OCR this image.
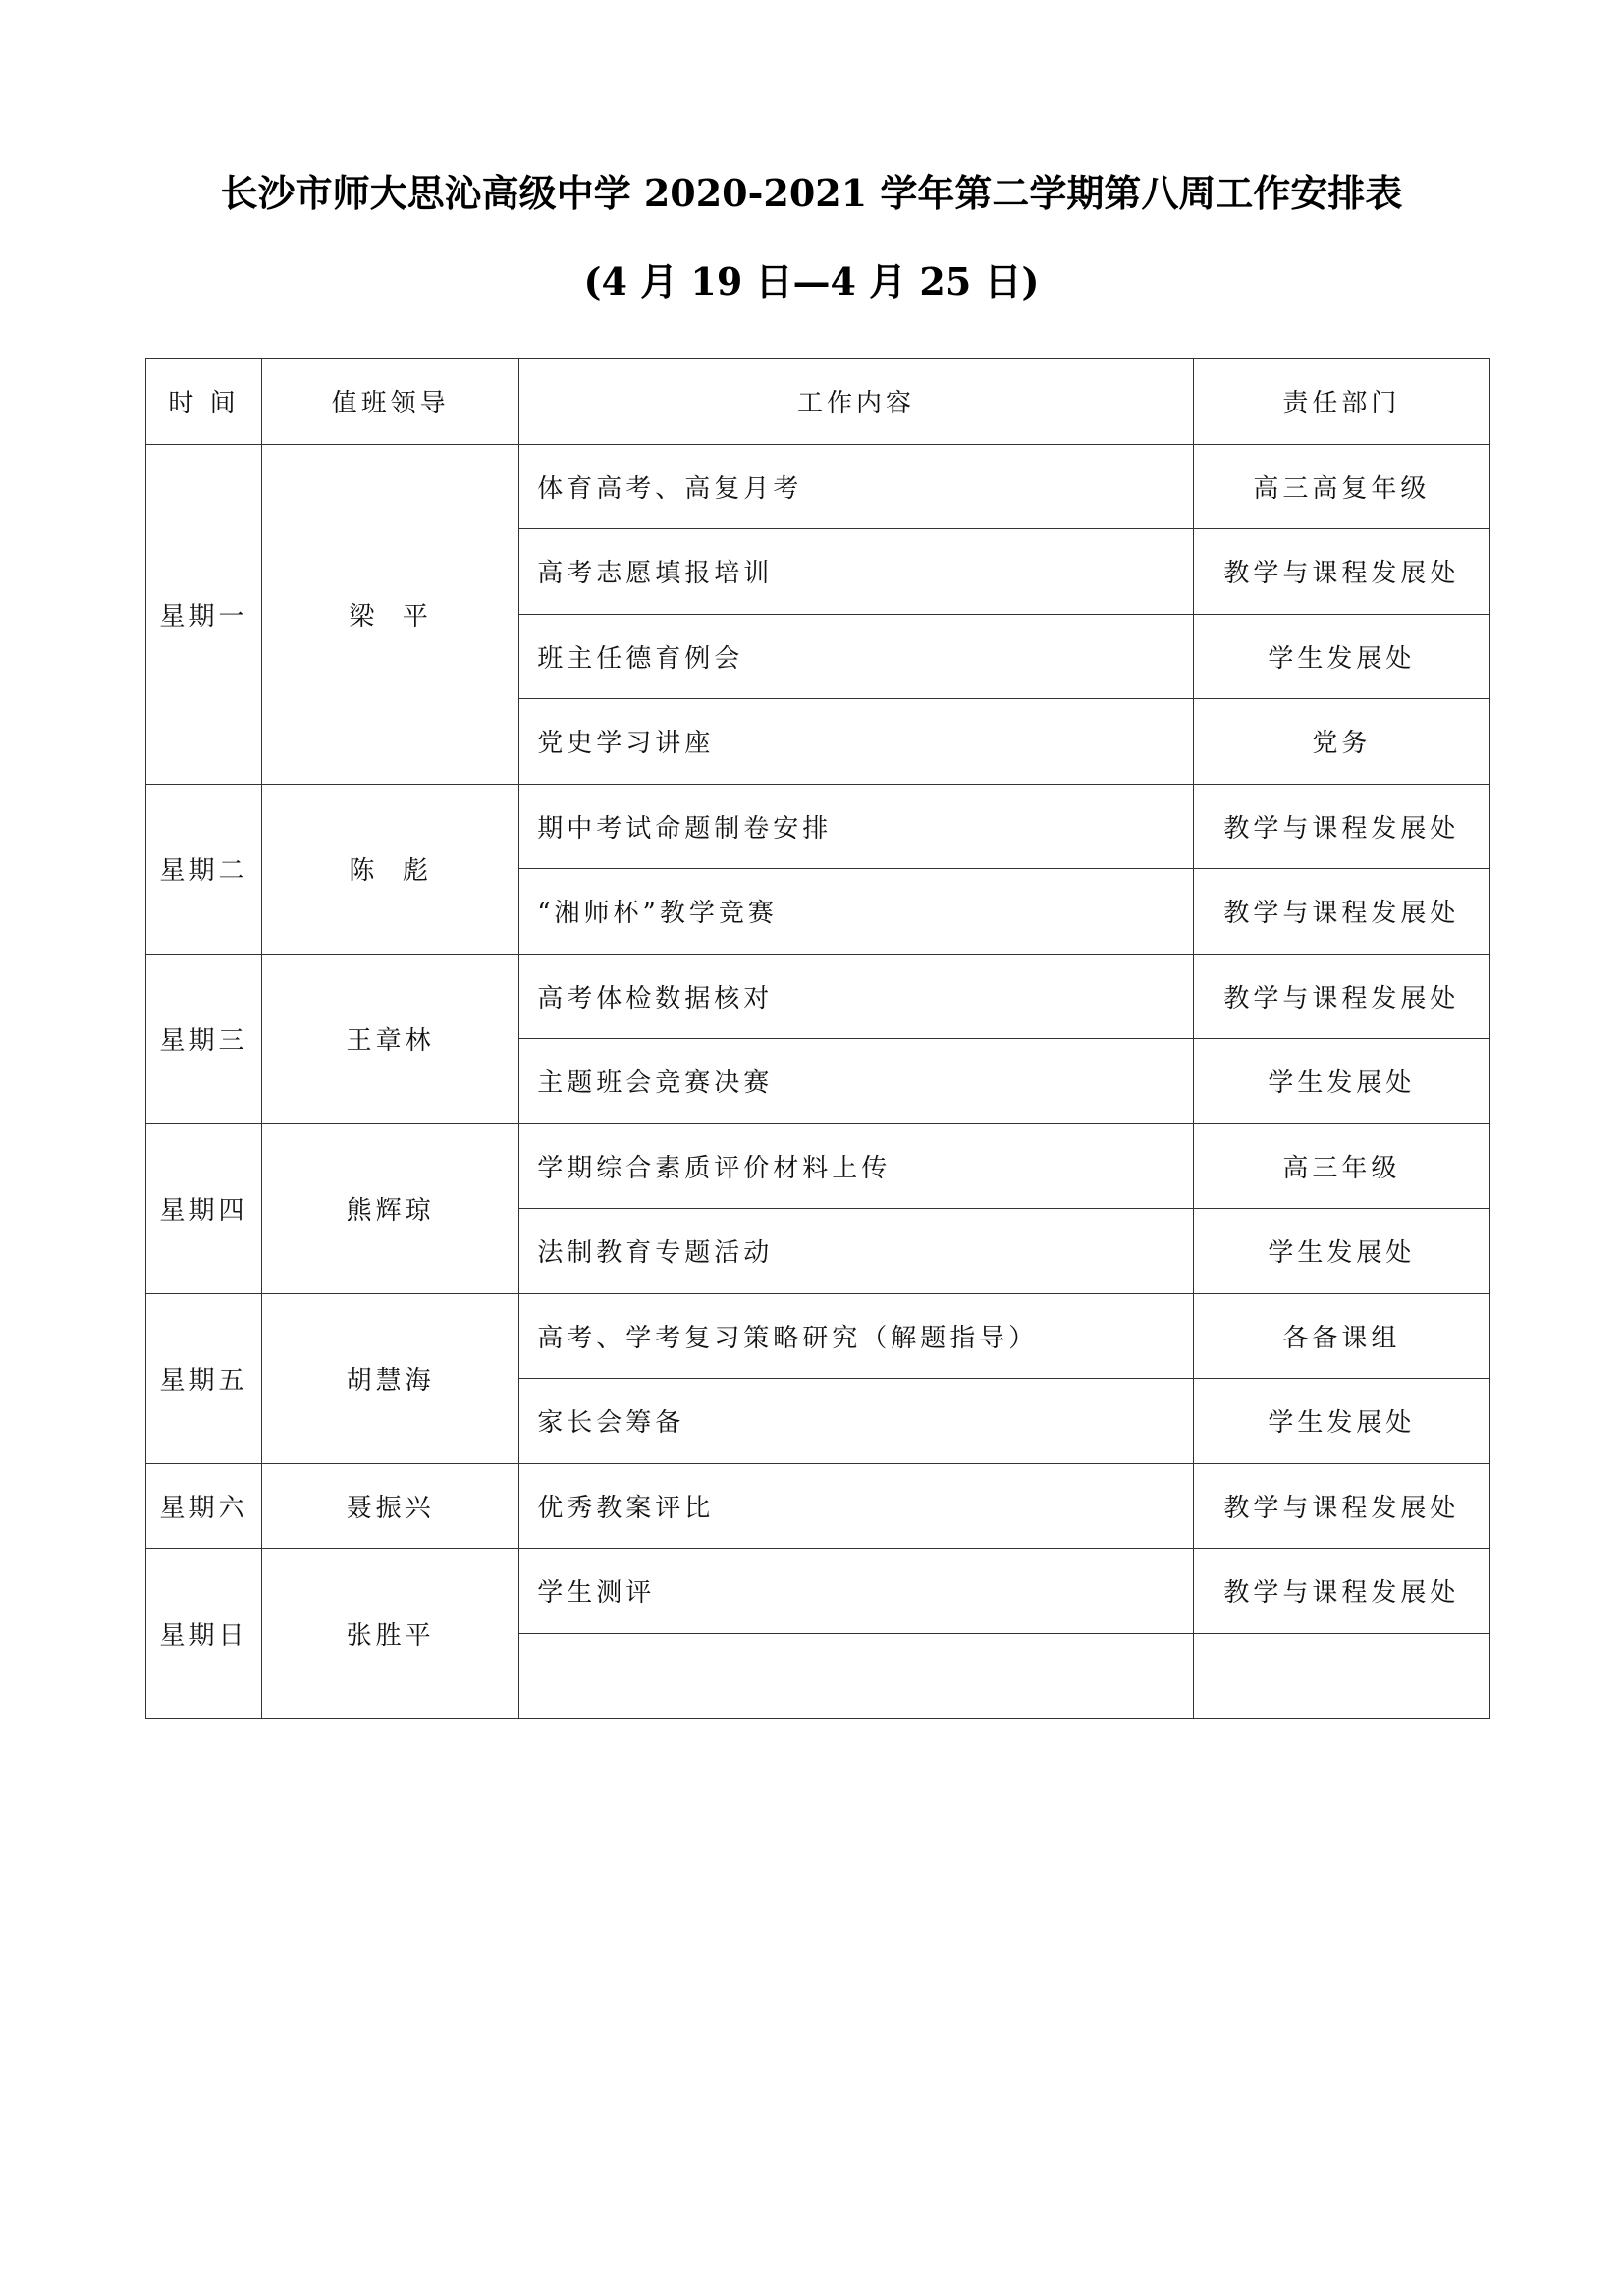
长沙市师大思沁高级中学 2020-2021 学年第二学期第八周工作安排表
(4 月 19 日—4 月 25 日)
时 间	值班领导	工作内容	责任部门
星期一	梁  平	体育高考、高复月考	高三高复年级
		高考志愿填报培训	教学与课程发展处
		班主任德育例会	学生发展处
		党史学习讲座	党务
星期二	陈  彪	期中考试命题制卷安排	教学与课程发展处
		“湘师杯”教学竞赛	教学与课程发展处
星期三	王章林	高考体检数据核对	教学与课程发展处
		主题班会竞赛决赛	学生发展处
星期四	熊辉琼	学期综合素质评价材料上传	高三年级
		法制教育专题活动	学生发展处
星期五	胡慧海	高考、学考复习策略研究（解题指导）	各备课组
		家长会筹备	学生发展处
星期六	聂振兴	优秀教案评比	教学与课程发展处
星期日	张胜平	学生测评	教学与课程发展处
